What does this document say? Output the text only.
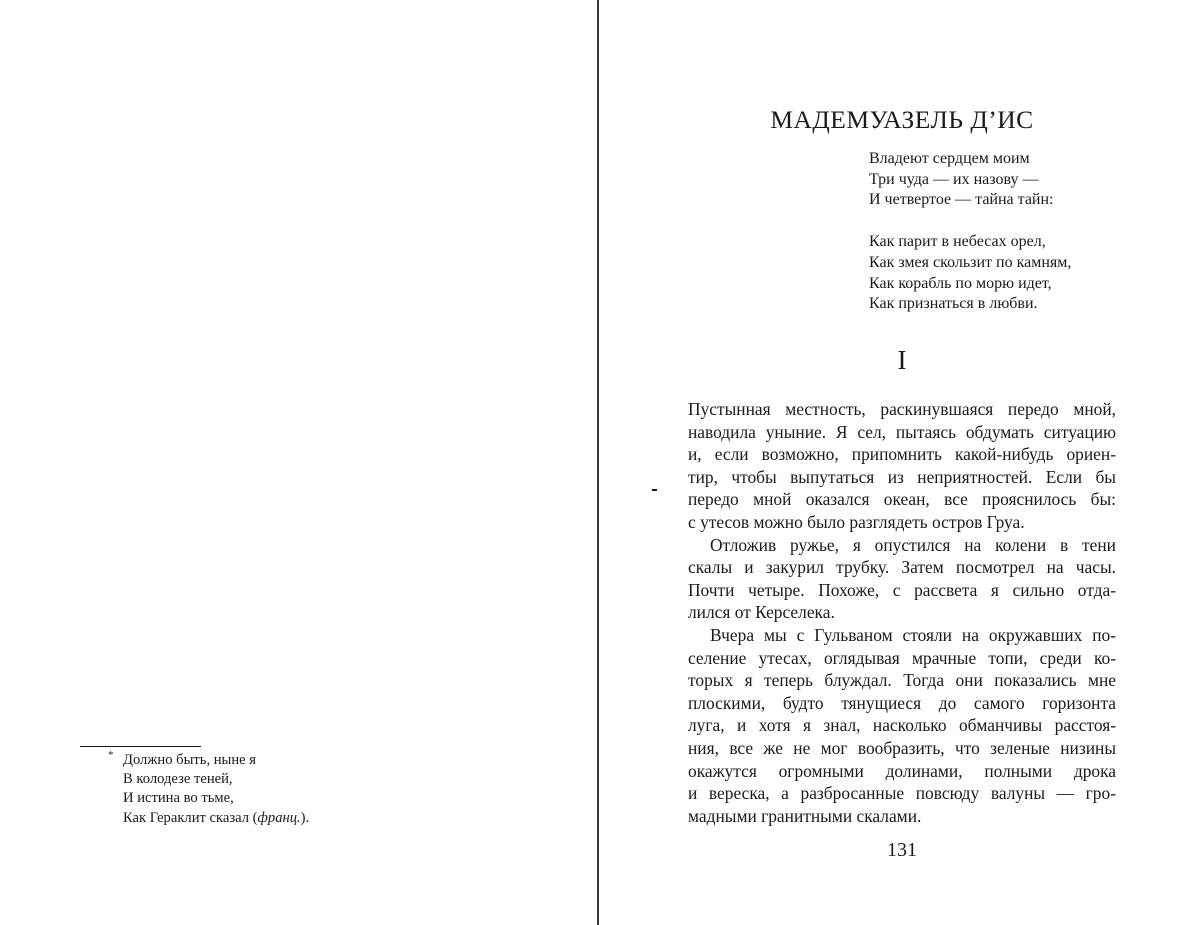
* Должно быть, ныне я
В колодезе теней,
И истина во тьме,
Как Гераклит сказал (франц.).
МАДЕМУАЗЕЛЬ Д’ИС
Владеют сердцем моим
Три чуда — их назову —
И четвертое — тайна тайн:
Как парит в небесах орел,
Как змея скользит по камням,
Как корабль по морю идет,
Как признаться в любви.
I
Пустынная местность, раскинувшаяся передо мной,
наводила уныние. Я сел, пытаясь обдумать ситуацию
и, если возможно, припомнить какой-нибудь ориен-
тир, чтобы выпутаться из неприятностей. Если бы
передо мной оказался океан, все прояснилось бы:
с утесов можно было разглядеть остров Груа.
Отложив ружье, я опустился на колени в тени
скалы и закурил трубку. Затем посмотрел на часы.
Почти четыре. Похоже, с рассвета я сильно отда-
лился от Керселека.
Вчера мы с Гульваном стояли на окружавших по-
селение утесах, оглядывая мрачные топи, среди ко-
торых я теперь блуждал. Тогда они показались мне
плоскими, будто тянущиеся до самого горизонта
луга, и хотя я знал, насколько обманчивы расстоя-
ния, все же не мог вообразить, что зеленые низины
окажутся огромными долинами, полными дрока
и вереска, а разбросанные повсюду валуны — гро-
мадными гранитными скалами.
131
